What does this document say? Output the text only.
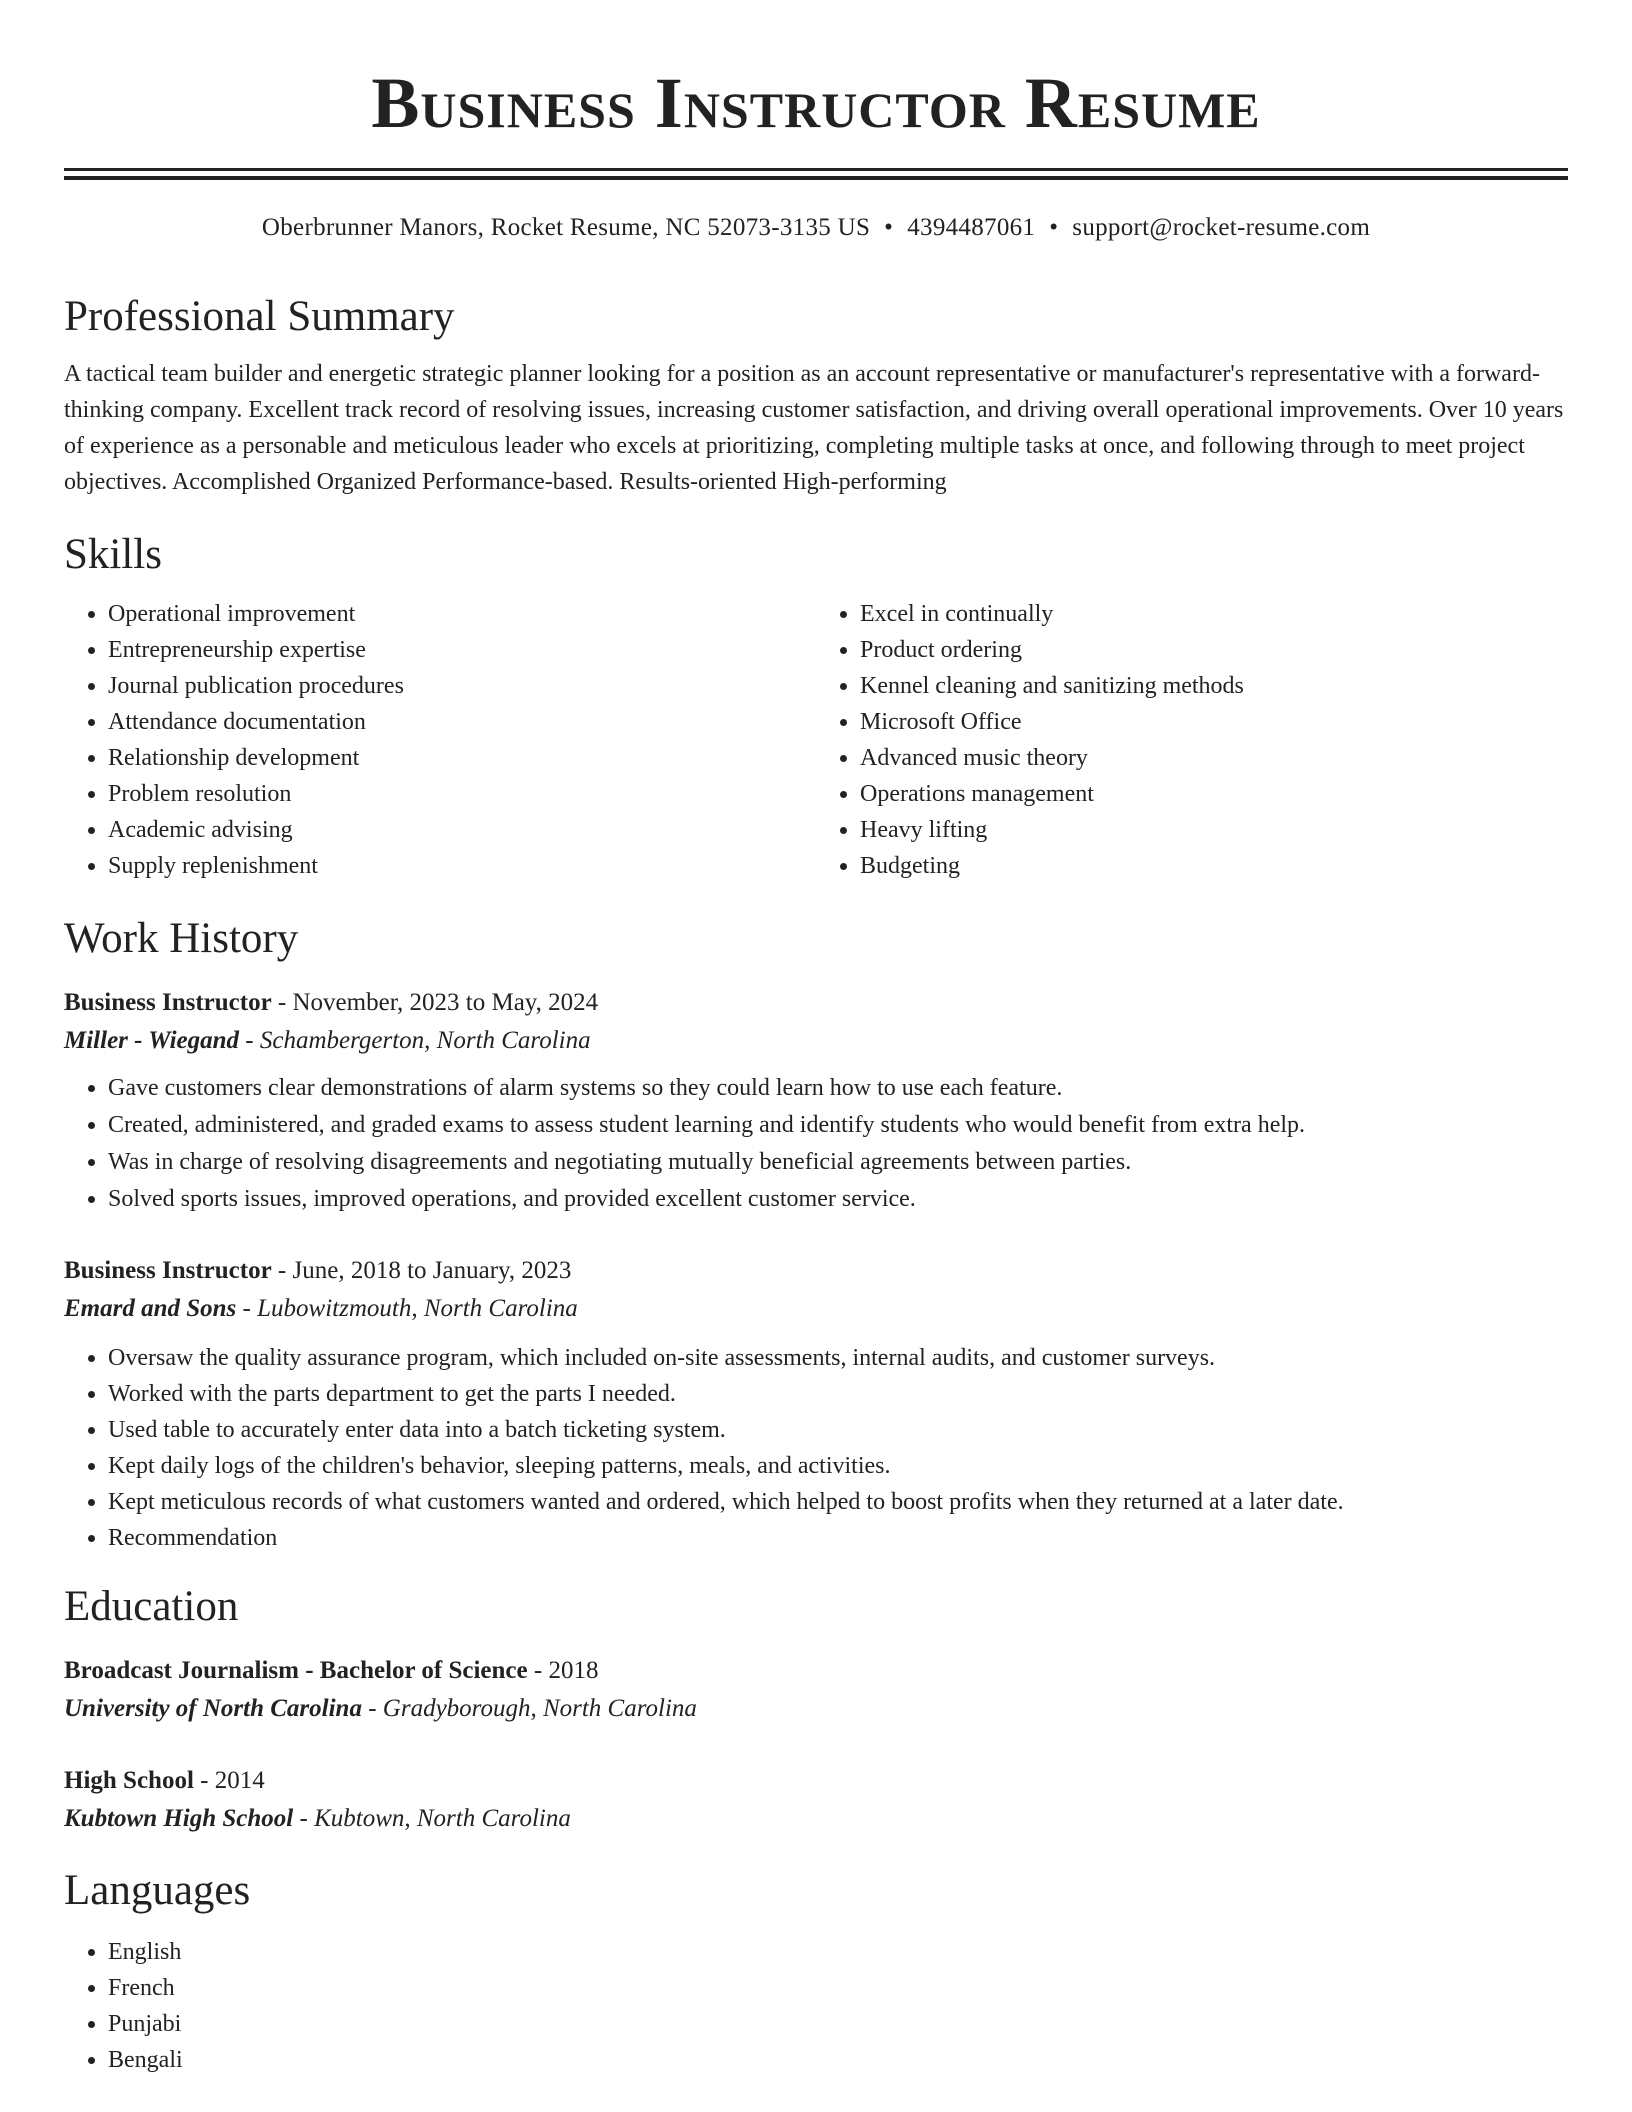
Business Instructor Resume
Oberbrunner Manors, Rocket Resume, NC 52073-3135 US • 4394487061 • support@rocket-resume.com
Professional Summary

A tactical team builder and energetic strategic planner looking for a position as an account representative or manufacturer's representative with a forward-thinking company. Excellent track record of resolving issues, increasing customer satisfaction, and driving overall operational improvements. Over 10 years of experience as a personable and meticulous leader who excels at prioritizing, completing multiple tasks at once, and following through to meet project objectives. Accomplished Organized Performance-based. Results-oriented High-performing

Skills
• Operational improvement
• Entrepreneurship expertise
• Journal publication procedures
• Attendance documentation
• Relationship development
• Problem resolution
• Academic advising
• Supply replenishment
• Excel in continually
• Product ordering
• Kennel cleaning and sanitizing methods
• Microsoft Office
• Advanced music theory
• Operations management
• Heavy lifting
• Budgeting
Work History
Business Instructor - November, 2023 to May, 2024
Miller - Wiegand - Schambergerton, North Carolina
• Gave customers clear demonstrations of alarm systems so they could learn how to use each feature.
• Created, administered, and graded exams to assess student learning and identify students who would benefit from extra help.
• Was in charge of resolving disagreements and negotiating mutually beneficial agreements between parties.
• Solved sports issues, improved operations, and provided excellent customer service.
Business Instructor - June, 2018 to January, 2023
Emard and Sons - Lubowitzmouth, North Carolina
• Oversaw the quality assurance program, which included on-site assessments, internal audits, and customer surveys.
• Worked with the parts department to get the parts I needed.
• Used table to accurately enter data into a batch ticketing system.
• Kept daily logs of the children's behavior, sleeping patterns, meals, and activities.
• Kept meticulous records of what customers wanted and ordered, which helped to boost profits when they returned at a later date.
• Recommendation
Education
Broadcast Journalism - Bachelor of Science - 2018
University of North Carolina - Gradyborough, North Carolina
High School - 2014
Kubtown High School - Kubtown, North Carolina
Languages
• English
• French
• Punjabi
• Bengali
